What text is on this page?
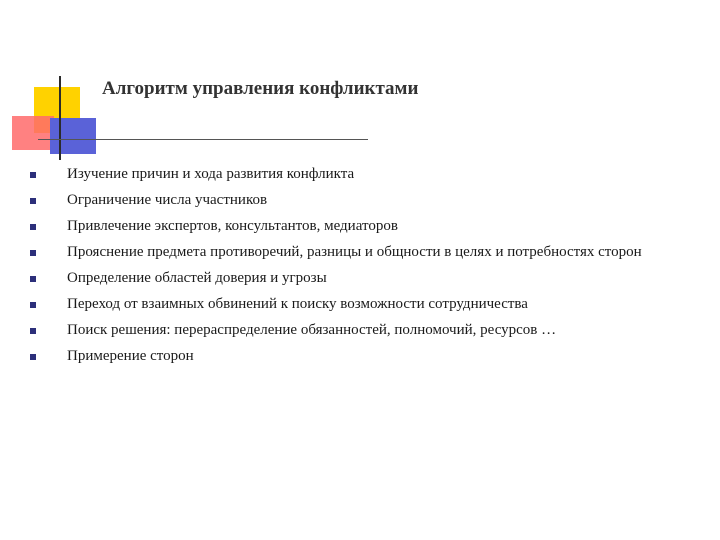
Алгоритм управления конфликтами
Изучение причин и хода развития конфликта
Ограничение числа участников
Привлечение экспертов, консультантов, медиаторов
Прояснение предмета противоречий, разницы и общности в целях и потребностях сторон
Определение областей доверия и угрозы
Переход от взаимных обвинений к поиску возможности сотрудничества
Поиск решения: перераспределение обязанностей, полномочий, ресурсов …
Примерение сторон
